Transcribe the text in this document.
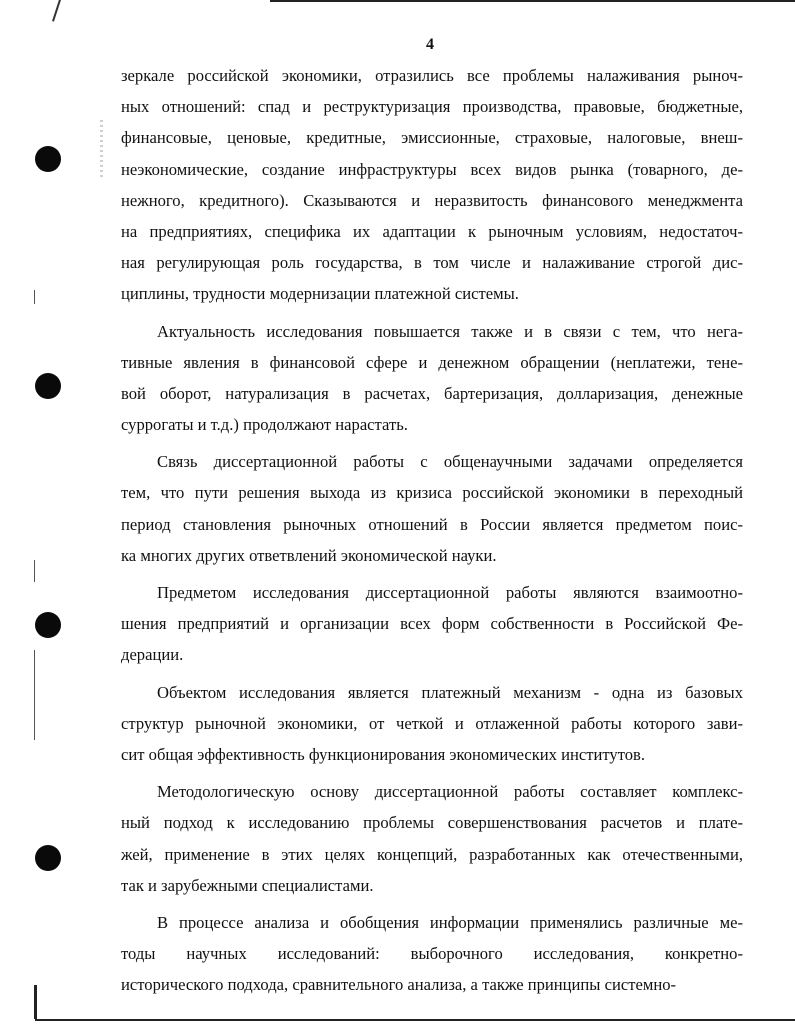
4
зеркале российской экономики, отразились все проблемы налаживания рыноч-
ных отношений: спад и реструктуризация производства, правовые, бюджетные,
финансовые, ценовые, кредитные, эмиссионные, страховые, налоговые, внеш-
неэкономические, создание инфраструктуры всех видов рынка (товарного, де-
нежного, кредитного). Сказываются и неразвитость финансового менеджмента
на предприятиях, специфика их адаптации к рыночным условиям, недостаточ-
ная регулирующая роль государства, в том числе и налаживание строгой дис-
циплины, трудности модернизации платежной системы.
Актуальность исследования повышается также и в связи с тем, что нега-
тивные явления в финансовой сфере и денежном обращении (неплатежи, тене-
вой оборот, натурализация в расчетах, бартеризация, долларизация, денежные
суррогаты и т.д.) продолжают нарастать.
Связь диссертационной работы с общенаучными задачами определяется
тем, что пути решения выхода из кризиса российской экономики в переходный
период становления рыночных отношений в России является предметом поис-
ка многих других ответвлений экономической науки.
Предметом исследования диссертационной работы являются взаимоотно-
шения предприятий и организации всех форм собственности в Российской Фе-
дерации.
Объектом исследования является платежный механизм - одна из базовых
структур рыночной экономики, от четкой и отлаженной работы которого зави-
сит общая эффективность функционирования экономических институтов.
Методологическую основу диссертационной работы составляет комплекс-
ный подход к исследованию проблемы совершенствования расчетов и плате-
жей, применение в этих целях концепций, разработанных как отечественными,
так и зарубежными специалистами.
В процессе анализа и обобщения информации применялись различные ме-
тоды научных исследований: выборочного исследования, конкретно-
исторического подхода, сравнительного анализа, а также принципы системно-
